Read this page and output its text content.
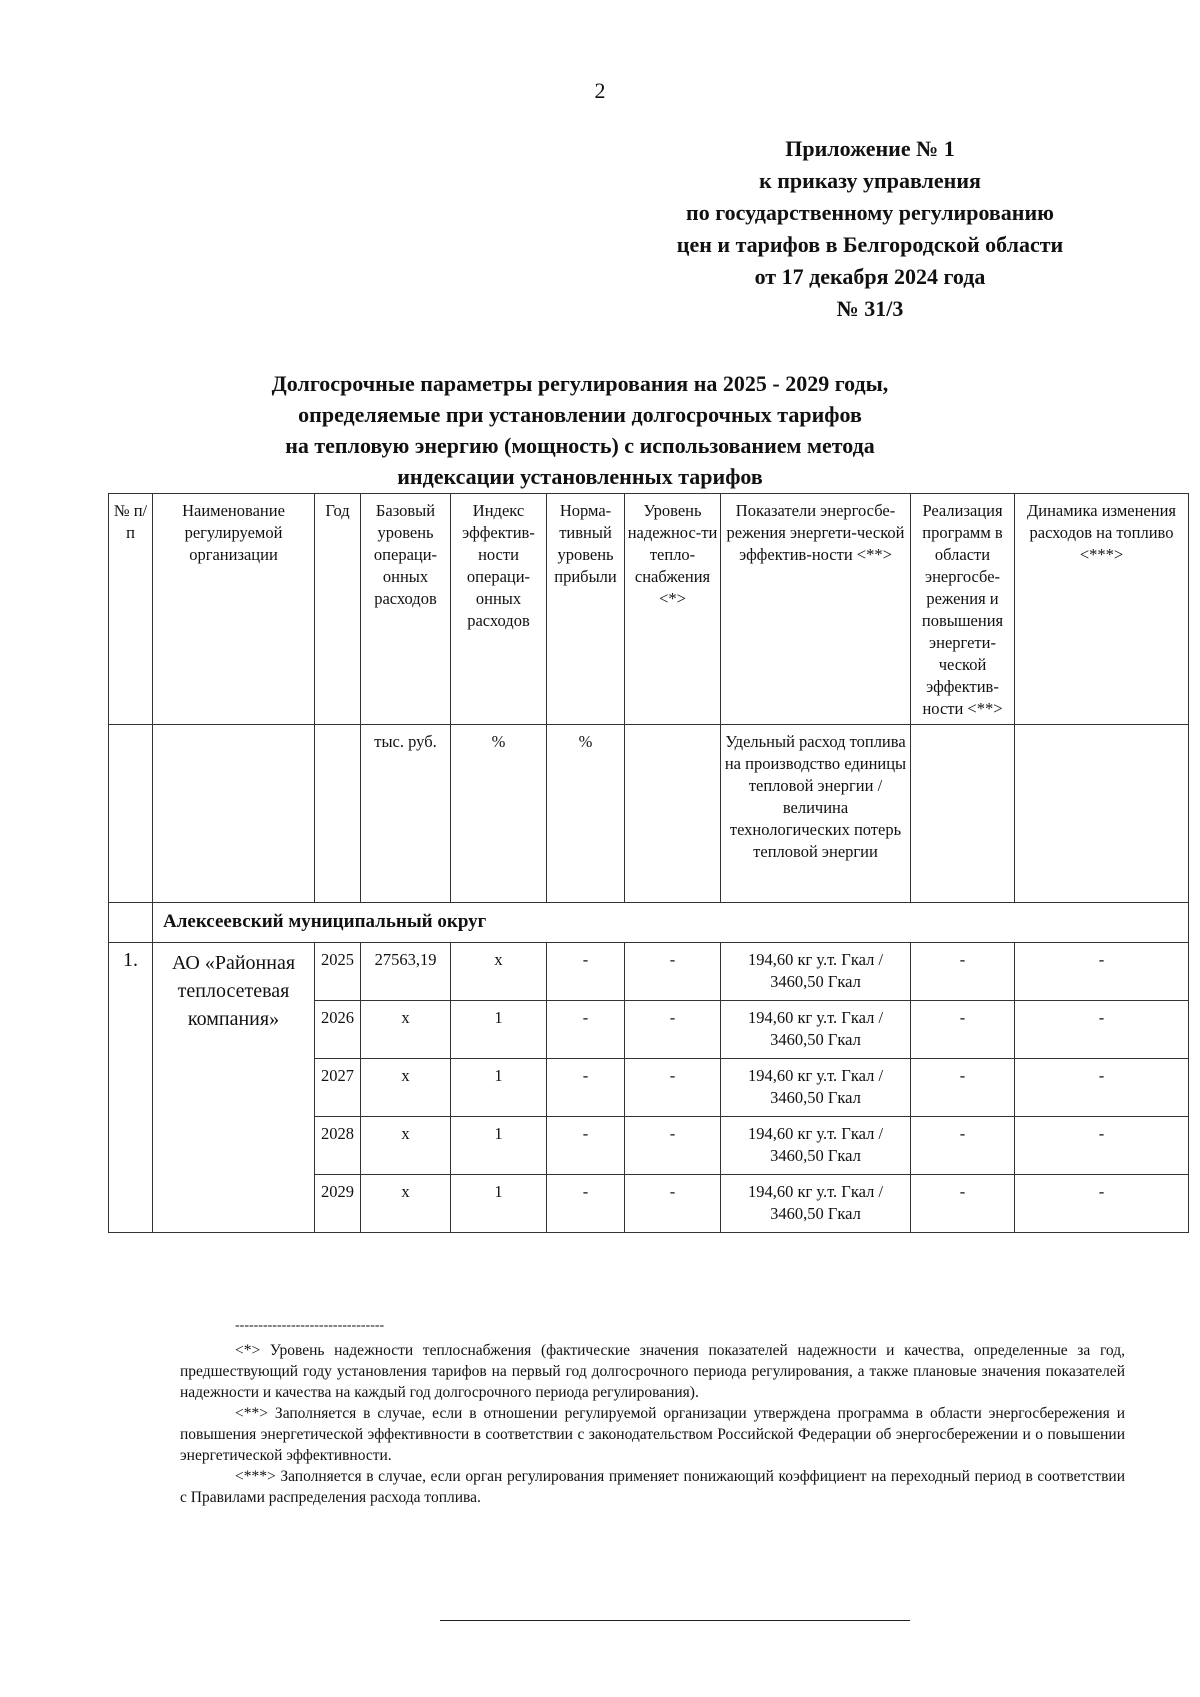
2
Приложение № 1
к приказу управления
по государственному регулированию
цен и тарифов в Белгородской области
от 17 декабря 2024 года
№ 31/3
Долгосрочные параметры регулирования на 2025 - 2029 годы,
определяемые при установлении долгосрочных тарифов
на тепловую энергию (мощность) с использованием метода
индексации установленных тарифов
№ п/п	Наименование регулируемой организации	Год	Базовый уровень операци-онных расходов	Индекс эффектив-ности операци-онных расходов	Норма-тивный уровень прибыли	Уровень надежнос-ти тепло-снабжения <*>	Показатели энергосбе-режения энергети-ческой эффектив-ности <**>	Реализация программ в области энергосбе-режения и повышения энергети-ческой эффектив-ности <**>	Динамика изменения расходов на топливо <***>
			тыс. руб.	%	%		Удельный расход топлива на производство единицы тепловой энергии / величина технологических потерь тепловой энергии		
	Алексеевский муниципальный округ								
1.	АО «Районная теплосетевая компания»	2025	27563,19	x	-	-	194,60 кг у.т. Гкал / 3460,50 Гкал	-	-
		2026	x	1	-	-	194,60 кг у.т. Гкал / 3460,50 Гкал	-	-
		2027	x	1	-	-	194,60 кг у.т. Гкал / 3460,50 Гкал	-	-
		2028	x	1	-	-	194,60 кг у.т. Гкал / 3460,50 Гкал	-	-
		2029	x	1	-	-	194,60 кг у.т. Гкал / 3460,50 Гкал	-	-
--------------------------------

<*> Уровень надежности теплоснабжения (фактические значения показателей надежности и качества, определенные за год, предшествующий году установления тарифов на первый год долгосрочного периода регулирования, а также плановые значения показателей надежности и качества на каждый год долгосрочного периода регулирования).

<**> Заполняется в случае, если в отношении регулируемой организации утверждена программа в области энергосбережения и повышения энергетической эффективности в соответствии с законодательством Российской Федерации об энергосбережении и о повышении энергетической эффективности.

<***> Заполняется в случае, если орган регулирования применяет понижающий коэффициент на переходный период в соответствии с Правилами распределения расхода топлива.
